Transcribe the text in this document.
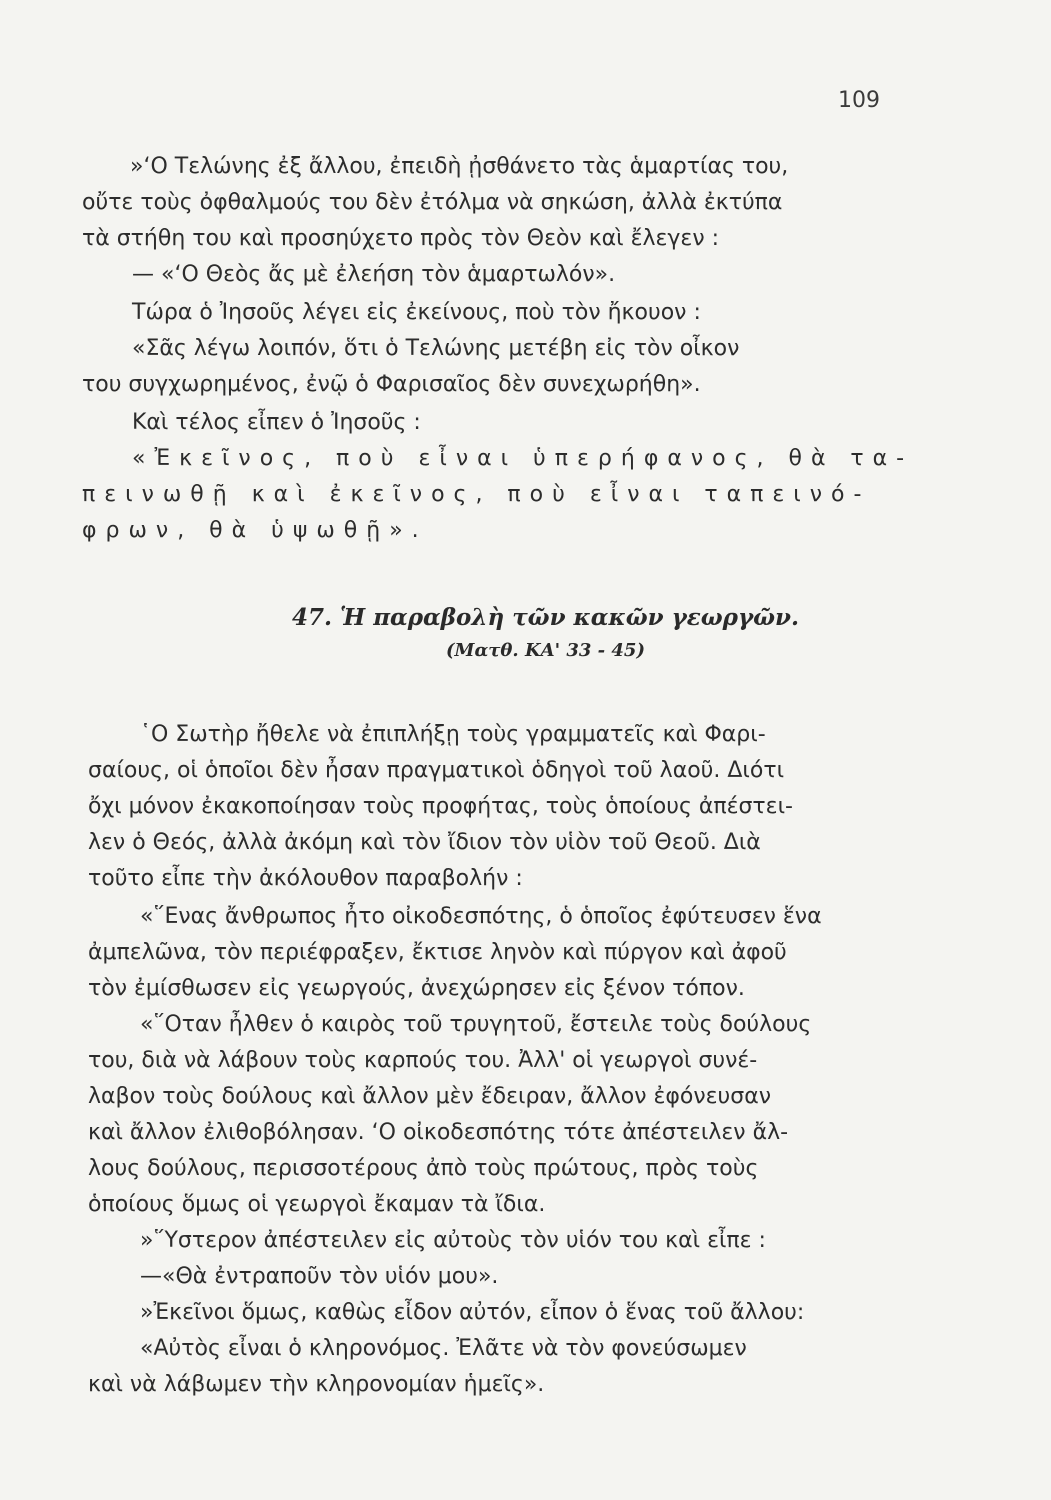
109
»‘Ο Τελώνης ἐξ ἄλλου, ἐπειδὴ ᾐσθάνετο τὰς ἁμαρτίας του,
οὔτε τοὺς ὀφθαλμούς του δὲν ἐτόλμα νὰ σηκώση, ἀλλὰ ἐκτύπα
τὰ στήθη του καὶ προσηύχετο πρὸς τὸν Θεὸν καὶ ἔλεγεν :
— «‘Ο Θεὸς ἄς μὲ ἐλεήση τὸν ἁμαρτωλόν».
Τώρα ὁ Ἰησοῦς λέγει εἰς ἐκείνους, ποὺ τὸν ἤκουον :
«Σᾶς λέγω λοιπόν, ὅτι ὁ Τελώνης μετέβη εἰς τὸν οἶκον
του συγχωρημένος, ἐνῷ ὁ Φαρισαῖος δὲν συνεχωρήθη».
Καὶ τέλος εἶπεν ὁ Ἰησοῦς :
«Ἐκεῖνος, ποὺ εἶναι ὑπερήφανος, θὰ τα-
πεινωθῇ καὶ ἐκεῖνος, ποὺ εἶναι ταπεινό-
φρων, θὰ ὑψωθῇ».
47. Ἡ παραβολὴ τῶν κακῶν γεωργῶν.
(Ματθ. ΚΑ' 33 - 45)
῾Ο Σωτὴρ ἤθελε νὰ ἐπιπλήξῃ τοὺς γραμματεῖς καὶ Φαρι-
σαίους, οἱ ὁποῖοι δὲν ἦσαν πραγματικοὶ ὁδηγοὶ τοῦ λαοῦ. Διότι
ὄχι μόνον ἐκακοποίησαν τοὺς προφήτας, τοὺς ὁποίους ἀπέστει-
λεν ὁ Θεός, ἀλλὰ ἀκόμη καὶ τὸν ἴδιον τὸν υἱὸν τοῦ Θεοῦ. Διὰ
τοῦτο εἶπε τὴν ἀκόλουθον παραβολήν :
«῞Ενας ἄνθρωπος ἦτο οἰκοδεσπότης, ὁ ὁποῖος ἐφύτευσεν ἕνα
ἀμπελῶνα, τὸν περιέφραξεν, ἔκτισε ληνὸν καὶ πύργον καὶ ἀφοῦ
τὸν ἐμίσθωσεν εἰς γεωργούς, ἀνεχώρησεν εἰς ξένον τόπον.
«῞Οταν ἦλθεν ὁ καιρὸς τοῦ τρυγητοῦ, ἔστειλε τοὺς δούλους
του, διὰ νὰ λάβουν τοὺς καρπούς του. Ἀλλ' οἱ γεωργοὶ συνέ-
λαβον τοὺς δούλους καὶ ἄλλον μὲν ἔδειραν, ἄλλον ἐφόνευσαν
καὶ ἄλλον ἐλιθοβόλησαν. ‘Ο οἰκοδεσπότης τότε ἀπέστειλεν ἄλ-
λους δούλους, περισσοτέρους ἀπὸ τοὺς πρώτους, πρὸς τοὺς
ὁποίους ὅμως οἱ γεωργοὶ ἔκαμαν τὰ ἴδια.
»῞Υστερον ἀπέστειλεν εἰς αὐτοὺς τὸν υἱόν του καὶ εἶπε :
—«Θὰ ἐντραποῦν τὸν υἱόν μου».
»Ἐκεῖνοι ὅμως, καθὼς εἶδον αὐτόν, εἶπον ὁ ἕνας τοῦ ἄλλου:
«Αὐτὸς εἶναι ὁ κληρονόμος. Ἐλᾶτε νὰ τὸν φονεύσωμεν
καὶ νὰ λάβωμεν τὴν κληρονομίαν ἡμεῖς».
